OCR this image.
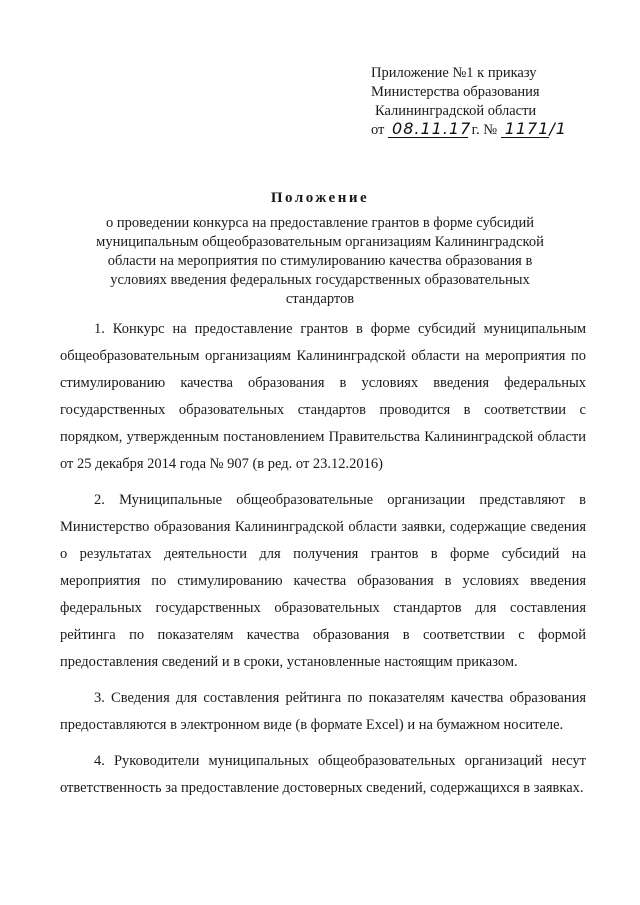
Приложение №1 к приказу
Министерства образования
Калининградской области
от 08.11.17 г. № 1171/1
Положение
о проведении конкурса на предоставление грантов в форме субсидий муниципальным общеобразовательным организациям Калининградской области на мероприятия по стимулированию качества образования в условиях введения федеральных государственных образовательных стандартов

1. Конкурс на предоставление грантов в форме субсидий муниципальным общеобразовательным организациям Калининградской области на мероприятия по стимулированию качества образования в условиях введения федеральных государственных образовательных стандартов проводится в соответствии с порядком, утвержденным постановлением Правительства Калининградской области от 25 декабря 2014 года № 907 (в ред. от 23.12.2016)

2. Муниципальные общеобразовательные организации представляют в Министерство образования Калининградской области заявки, содержащие сведения о результатах деятельности для получения грантов в форме субсидий на мероприятия по стимулированию качества образования в условиях введения федеральных государственных образовательных стандартов для составления рейтинга по показателям качества образования в соответствии с формой предоставления сведений и в сроки, установленные настоящим приказом.

3. Сведения для составления рейтинга по показателям качества образования предоставляются в электронном виде (в формате Excel) и на бумажном носителе.

4. Руководители муниципальных общеобразовательных организаций несут ответственность за предоставление достоверных сведений, содержащихся в заявках.
